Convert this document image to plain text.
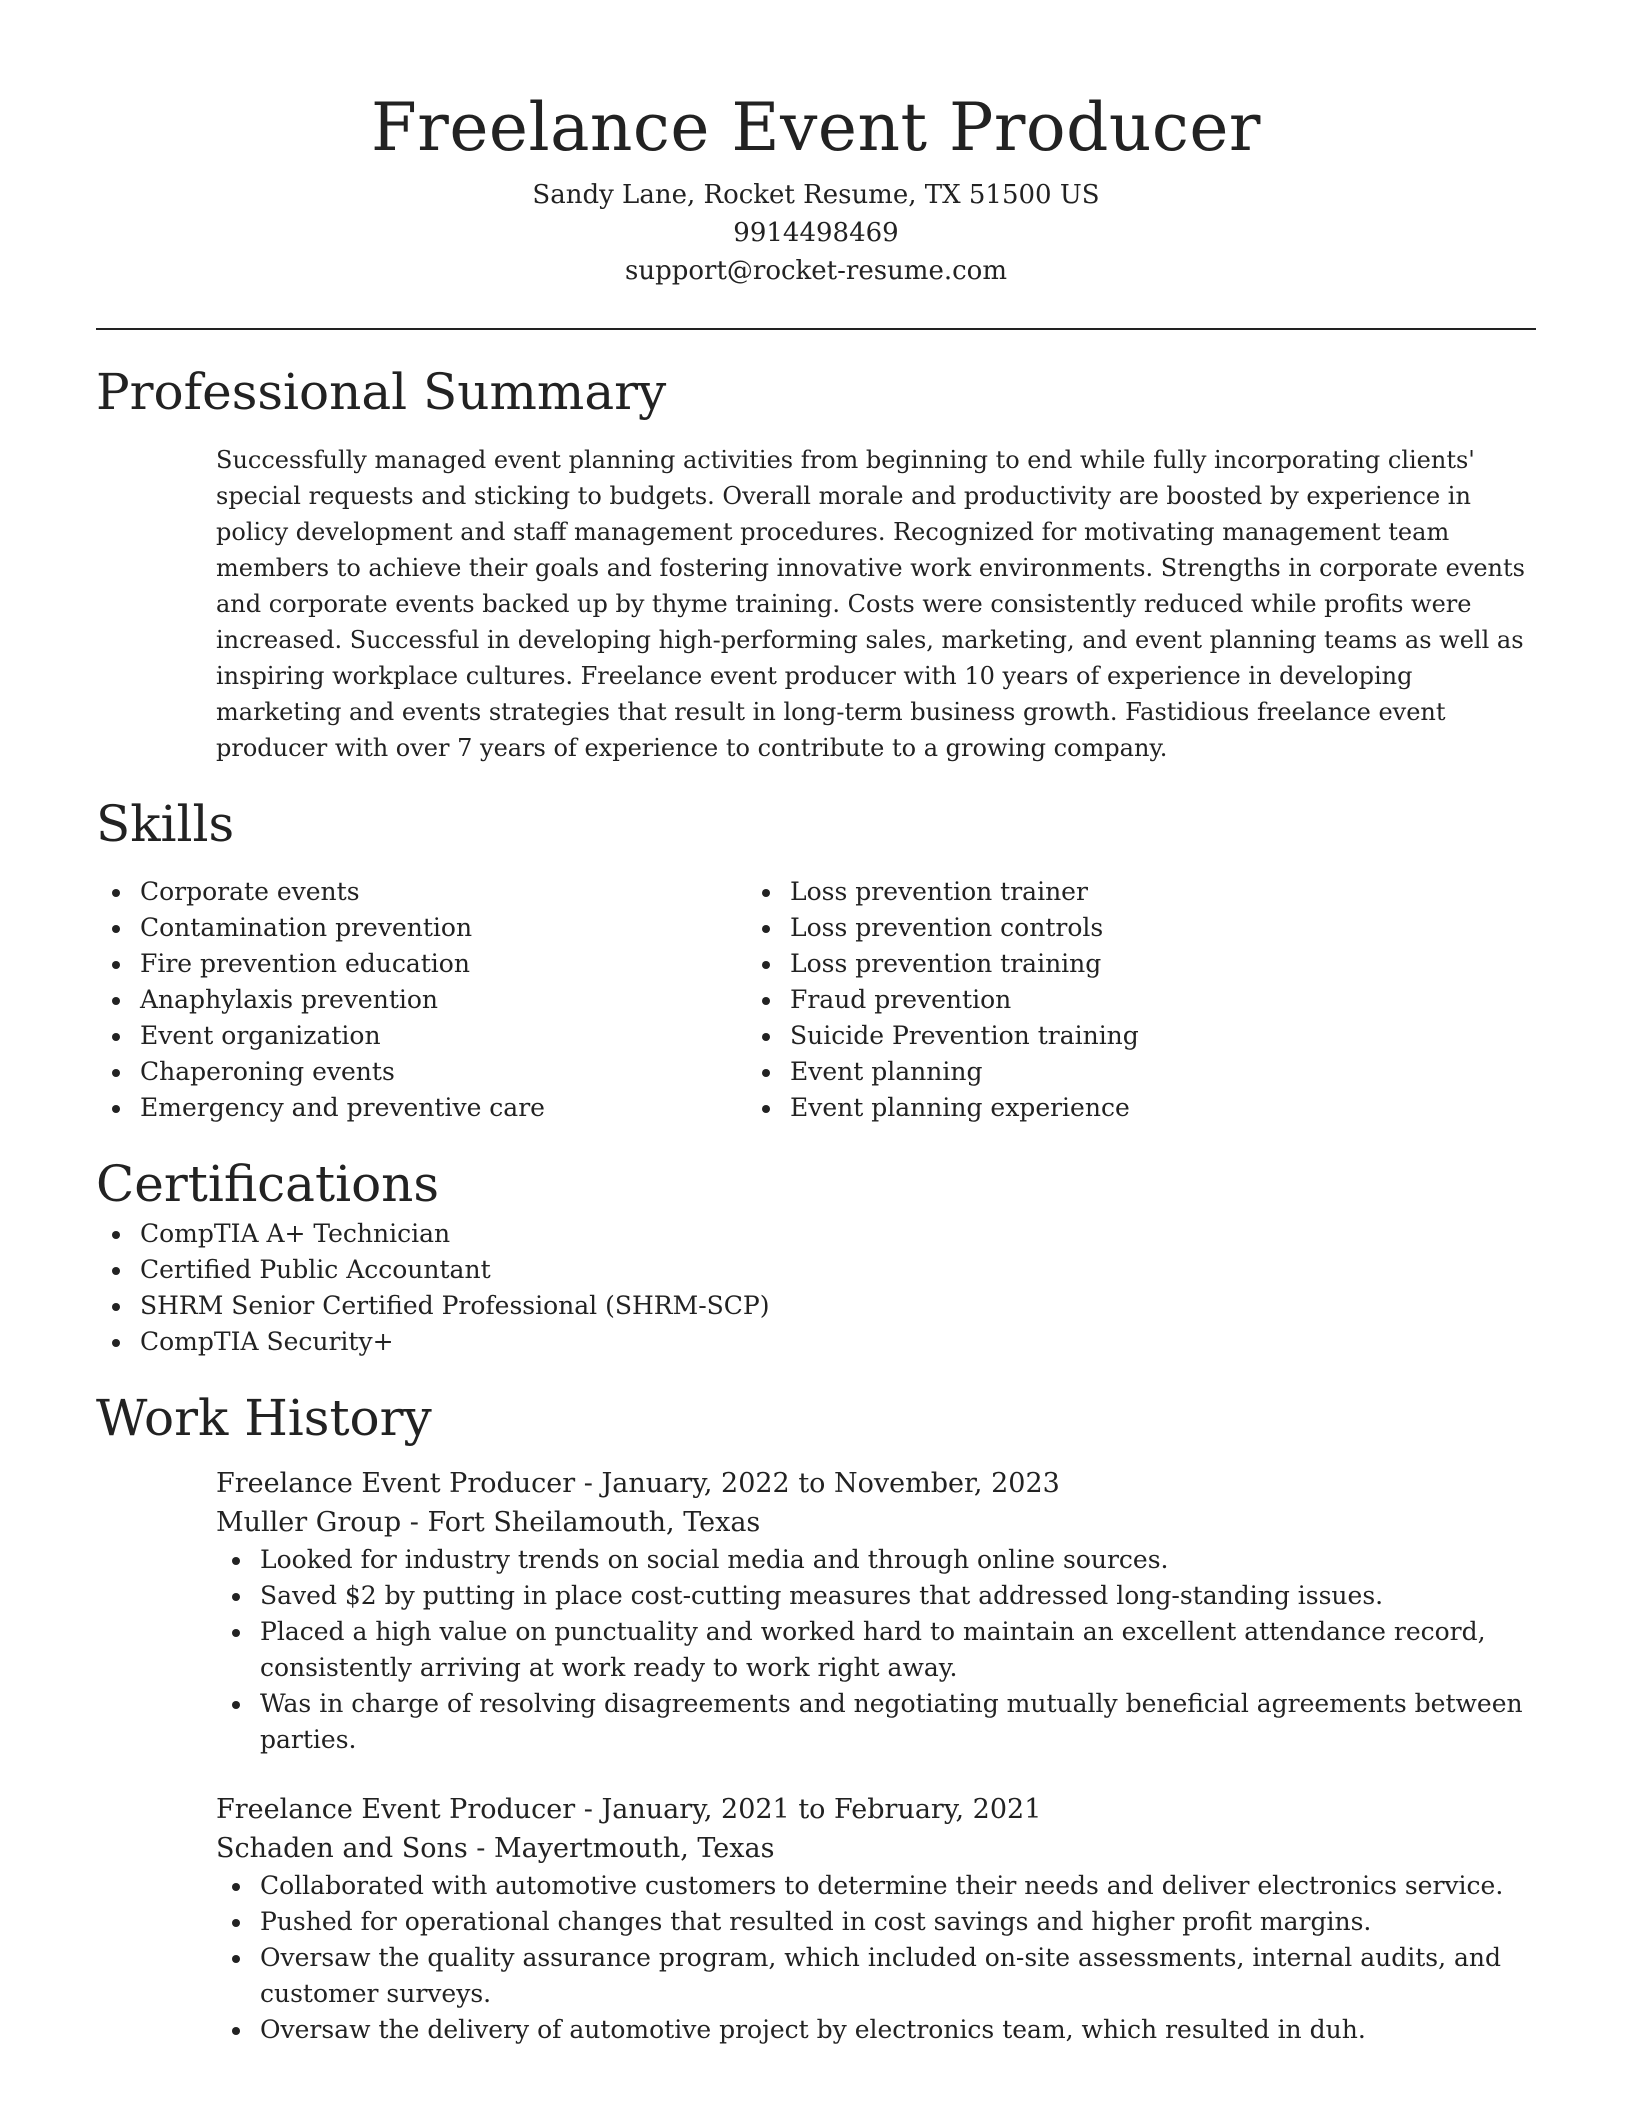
Freelance Event Producer
Sandy Lane, Rocket Resume, TX 51500 US
9914498469
support@rocket-resume.com
Professional Summary

Successfully managed event planning activities from beginning to end while fully incorporating clients' special requests and sticking to budgets. Overall morale and productivity are boosted by experience in policy development and staff management procedures. Recognized for motivating management team members to achieve their goals and fostering innovative work environments. Strengths in corporate events and corporate events backed up by thyme training. Costs were consistently reduced while profits were increased. Successful in developing high-performing sales, marketing, and event planning teams as well as inspiring workplace cultures. Freelance event producer with 10 years of experience in developing marketing and events strategies that result in long-term business growth. Fastidious freelance event producer with over 7 years of experience to contribute to a growing company.

Skills
Corporate events
Contamination prevention
Fire prevention education
Anaphylaxis prevention
Event organization
Chaperoning events
Emergency and preventive care
Loss prevention trainer
Loss prevention controls
Loss prevention training
Fraud prevention
Suicide Prevention training
Event planning
Event planning experience
Certifications
CompTIA A+ Technician
Certified Public Accountant
SHRM Senior Certified Professional (SHRM-SCP)
CompTIA Security+
Work History
Freelance Event Producer - January, 2022 to November, 2023
Muller Group - Fort Sheilamouth, Texas
Looked for industry trends on social media and through online sources.
Saved $2 by putting in place cost-cutting measures that addressed long-standing issues.
Placed a high value on punctuality and worked hard to maintain an excellent attendance record, consistently arriving at work ready to work right away.
Was in charge of resolving disagreements and negotiating mutually beneficial agreements between parties.
Freelance Event Producer - January, 2021 to February, 2021
Schaden and Sons - Mayertmouth, Texas
Collaborated with automotive customers to determine their needs and deliver electronics service.
Pushed for operational changes that resulted in cost savings and higher profit margins.
Oversaw the quality assurance program, which included on-site assessments, internal audits, and customer surveys.
Oversaw the delivery of automotive project by electronics team, which resulted in duh.
